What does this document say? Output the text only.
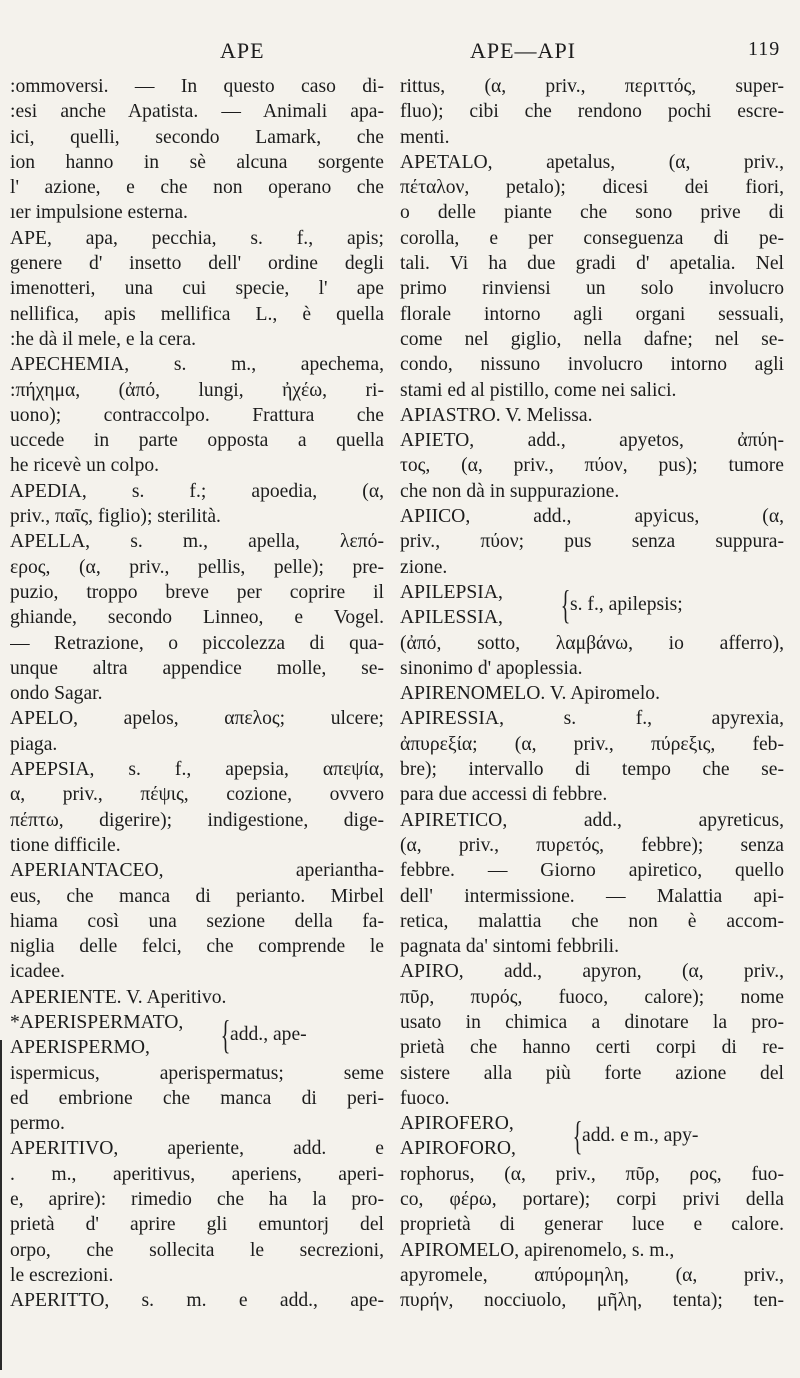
APE	APE—API	119
:ommoversi. — In questo caso di-
:esi anche Apatista. — Animali apa-
ici, quelli, secondo Lamark, che
ion hanno in sè alcuna sorgente
l' azione, e che non operano che
ıer impulsione esterna.
APE, apa, pecchia, s. f., apis;
genere d' insetto dell' ordine degli
imenotteri, una cui specie, l' ape
nellifica, apis mellifica L., è quella
:he dà il mele, e la cera.
APECHEMIA, s. m., apechema,
:πήχημα, (ἀπό, lungi, ἠχέω, ri-
uono); contraccolpo. Frattura che
uccede in parte opposta a quella
he ricevè un colpo.
APEDIA, s. f.; apoedia, (α,
priv., παῖς, figlio); sterilità.
APELLA, s. m., apella, λεπό-
ερος, (α, priv., pellis, pelle); pre-
puzio, troppo breve per coprire il
ghiande, secondo Linneo, e Vogel.
— Retrazione, o piccolezza di qua-
unque altra appendice molle, se-
ondo Sagar.
APELO, apelos, απελος; ulcere;
piaga.
APEPSIA, s. f., apepsia, απεψία,
α, priv., πέψις, cozione, ovvero
πέπτω, digerire); indigestione, dige-
tione difficile.
APERIANTACEO, aperiantha-
eus, che manca di perianto. Mirbel
hiama così una sezione della fa-
niglia delle felci, che comprende le
icadee.
APERIENTE. V. Aperitivo.
*APERISPERMATO,
APERISPERMO,
ispermicus, aperispermatus; seme
ed embrione che manca di peri-
permo.
APERITIVO, aperiente, add. e
. m., aperitivus, aperiens, aperi-
e, aprire): rimedio che ha la pro-
prietà d' aprire gli emuntorj del
orpo, che sollecita le secrezioni,
le escrezioni.
APERITTO, s. m. e add., ape-
{ add., ape-
rittus, (α, priv., περιττός, super-
fluo); cibi che rendono pochi escre-
menti.
APETALO, apetalus, (α, priv.,
πέταλον, petalo); dicesi dei fiori,
o delle piante che sono prive di
corolla, e per conseguenza di pe-
tali. Vi ha due gradi d' apetalia. Nel
primo rinviensi un solo involucro
florale intorno agli organi sessuali,
come nel giglio, nella dafne; nel se-
condo, nissuno involucro intorno agli
stami ed al pistillo, come nei salici.
APIASTRO. V. Melissa.
APIETO, add., apyetos, ἀπύη-
τος, (α, priv., πύον, pus); tumore
che non dà in suppurazione.
APIICO, add., apyicus, (α,
priv., πύον; pus senza suppura-
zione.
APILEPSIA,
APILESSIA,
(ἀπό, sotto, λαμβάνω, io afferro),
sinonimo d' apoplessia.
APIRENOMELO. V. Apiromelo.
APIRESSIA, s. f., apyrexia,
ἀπυρεξία; (α, priv., πύρεξις, feb-
bre); intervallo di tempo che se-
para due accessi di febbre.
APIRETICO, add., apyreticus,
(α, priv., πυρετός, febbre); senza
febbre. — Giorno apiretico, quello
dell' intermissione. — Malattia api-
retica, malattia che non è accom-
pagnata da' sintomi febbrili.
APIRO, add., apyron, (α, priv.,
πῦρ, πυρός, fuoco, calore); nome
usato in chimica a dinotare la pro-
prietà che hanno certi corpi di re-
sistere alla più forte azione del
fuoco.
APIROFERO,
APIROFORO,
rophorus, (α, priv., πῦρ, ρος, fuo-
co, φέρω, portare); corpi privi della
proprietà di generar luce e calore.
APIROMELO, apirenomelo, s. m.,
apyromele, απύρομηλη, (α, priv.,
πυρήν, nocciuolo, μῆλη, tenta); ten-
{ s. f., apilepsis;
{ add. e m., apy-
